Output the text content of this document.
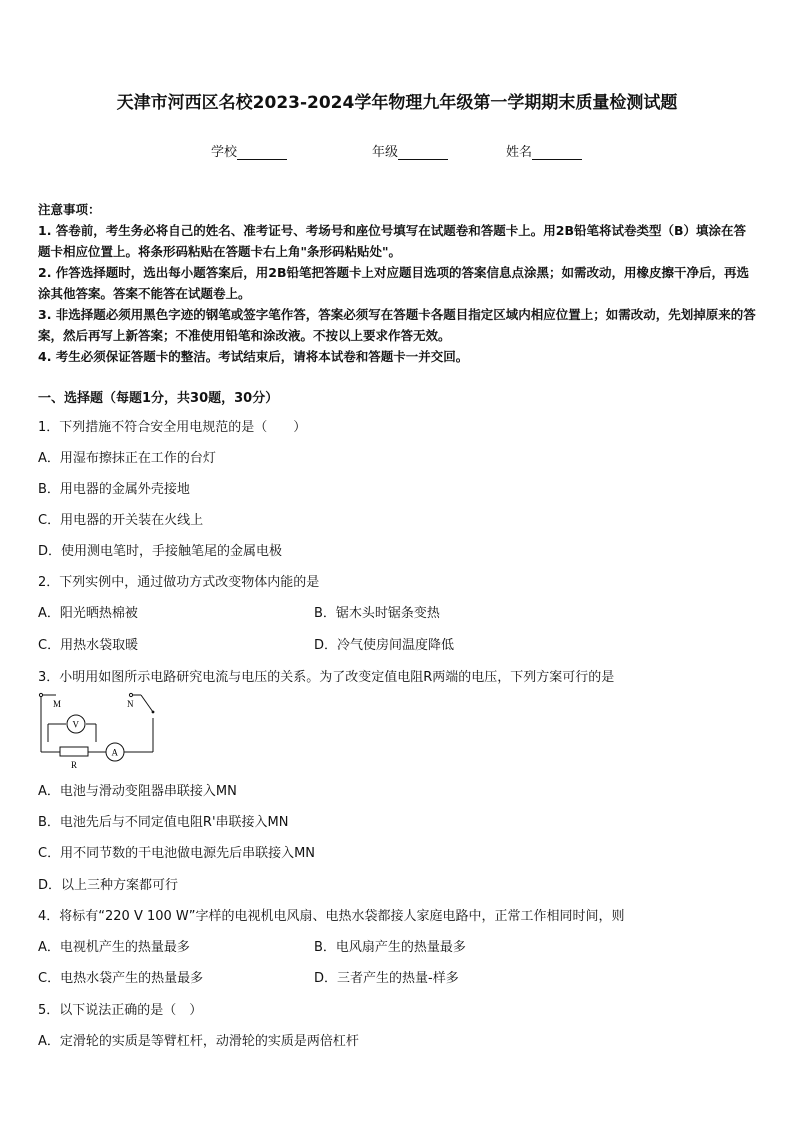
天津市河西区名校2023-2024学年物理九年级第一学期期末质量检测试题
学校	年级	姓名
注意事项：
1. 答卷前，考生务必将自己的姓名、准考证号、考场号和座位号填写在试题卷和答题卡上。用2B铅笔将试卷类型（B）填涂在答题卡相应位置上。将条形码粘贴在答题卡右上角"条形码粘贴处"。
2. 作答选择题时，选出每小题答案后，用2B铅笔把答题卡上对应题目选项的答案信息点涂黑；如需改动，用橡皮擦干净后，再选涂其他答案。答案不能答在试题卷上。
3. 非选择题必须用黑色字迹的钢笔或签字笔作答，答案必须写在答题卡各题目指定区域内相应位置上；如需改动，先划掉原来的答案，然后再写上新答案；不准使用铅笔和涂改液。不按以上要求作答无效。
4. 考生必须保证答题卡的整洁。考试结束后，请将本试卷和答题卡一并交回。
一、选择题（每题1分，共30题，30分）
1．下列措施不符合安全用电规范的是（　　）
A．用湿布擦抹正在工作的台灯
B．用电器的金属外壳接地
C．用电器的开关装在火线上
D．使用测电笔时，手接触笔尾的金属电极
2．下列实例中，通过做功方式改变物体内能的是
A．阳光晒热棉被	B．锯木头时锯条变热
C．用热水袋取暖	D．冷气使房间温度降低
3．小明用如图所示电路研究电流与电压的关系。为了改变定值电阻R两端的电压，下列方案可行的是
M	N
V
A
R
A．电池与滑动变阻器串联接入MN
B．电池先后与不同定值电阻R'串联接入MN
C．用不同节数的干电池做电源先后串联接入MN
D．以上三种方案都可行
4．将标有“220 V 100 W”字样的电视机电风扇、电热水袋都接人家庭电路中，正常工作相同时间，则
A．电视机产生的热量最多	B．电风扇产生的热量最多
C．电热水袋产生的热量最多	D．三者产生的热量-样多
5．以下说法正确的是（　）
A．定滑轮的实质是等臂杠杆，动滑轮的实质是两倍杠杆
